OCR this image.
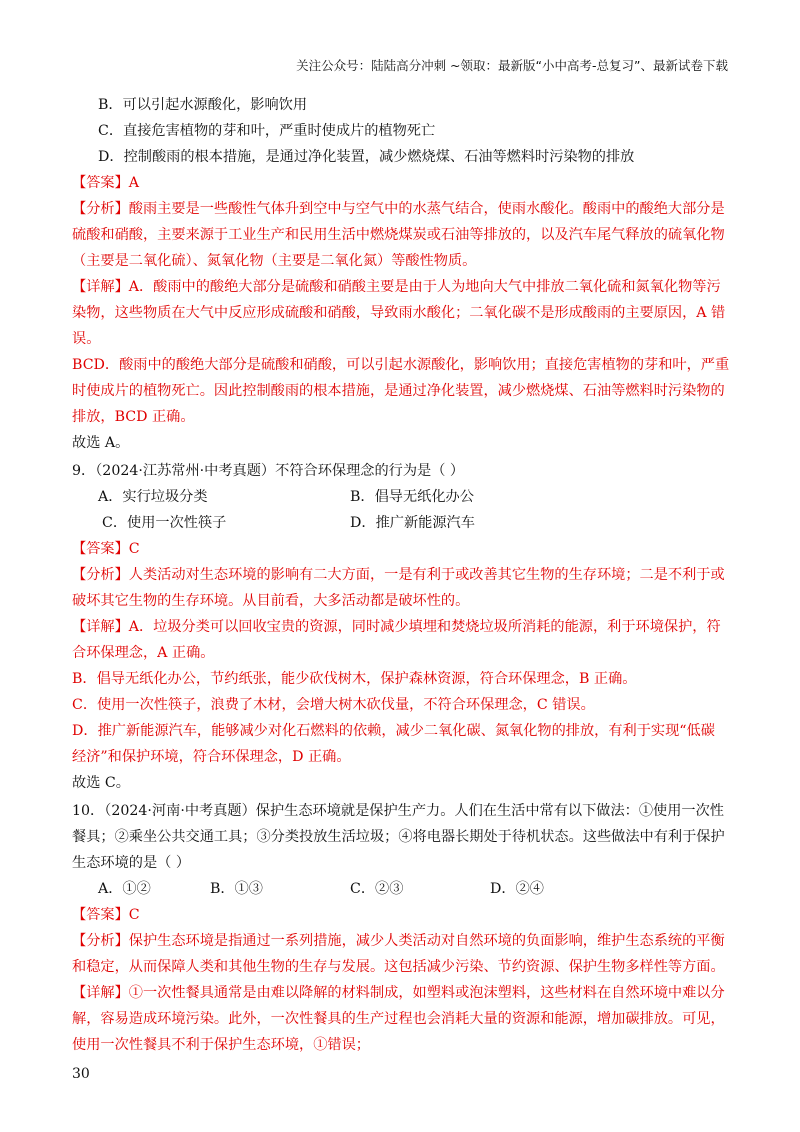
关注公众号：陆陆高分冲刺 ~领取：最新版“小中高考-总复习”、最新试卷下载
B．可以引起水源酸化，影响饮用
C．直接危害植物的芽和叶，严重时使成片的植物死亡
D．控制酸雨的根本措施，是通过净化装置，减少燃烧煤、石油等燃料时污染物的排放
【答案】A
【分析】酸雨主要是一些酸性气体升到空中与空气中的水蒸气结合，使雨水酸化。酸雨中的酸绝大部分是
硫酸和硝酸，主要来源于工业生产和民用生活中燃烧煤炭或石油等排放的，以及汽车尾气释放的硫氧化物
（主要是二氧化硫）、氮氧化物（主要是二氧化氮）等酸性物质。
【详解】A．酸雨中的酸绝大部分是硫酸和硝酸主要是由于人为地向大气中排放二氧化硫和氮氧化物等污
染物，这些物质在大气中反应形成硫酸和硝酸，导致雨水酸化；二氧化碳不是形成酸雨的主要原因，A 错
误。
BCD．酸雨中的酸绝大部分是硫酸和硝酸，可以引起水源酸化，影响饮用；直接危害植物的芽和叶，严重
时使成片的植物死亡。因此控制酸雨的根本措施，是通过净化装置，减少燃烧煤、石油等燃料时污染物的
排放，BCD 正确。
故选 A。
9．（2024·江苏常州·中考真题）• • • 不符合环保理念的行为是（ ）
A．实行垃圾分类	B．倡导无纸化办公
C．使用一次性筷子	D．推广新能源汽车
【答案】C
【分析】人类活动对生态环境的影响有二大方面，一是有利于或改善其它生物的生存环境；二是不利于或
破坏其它生物的生存环境。从目前看，大多活动都是破坏性的。
【详解】A．垃圾分类可以回收宝贵的资源，同时减少填埋和焚烧垃圾所消耗的能源，利于环境保护，符
合环保理念，A 正确。
B．倡导无纸化办公，节约纸张，能少砍伐树木，保护森林资源，符合环保理念，B 正确。
C．使用一次性筷子，浪费了木材，会增大树木砍伐量，不符合环保理念，C 错误。
D．推广新能源汽车，能够减少对化石燃料的依赖，减少二氧化碳、氮氧化物的排放，有利于实现“低碳
经济”和保护环境，符合环保理念，D 正确。
故选 C。
10．（2024·河南·中考真题）保护生态环境就是保护生产力。人们在生活中常有以下做法：①使用一次性
餐具；②乘坐公共交通工具；③分类投放生活垃圾；④将电器长期处于待机状态。这些做法中有利于保护
生态环境的是（ ）
A．①②	B．①③	C．②③	D．②④
【答案】C
【分析】保护生态环境是指通过一系列措施，减少人类活动对自然环境的负面影响，维护生态系统的平衡
和稳定，从而保障人类和其他生物的生存与发展。这包括减少污染、节约资源、保护生物多样性等方面。
【详解】①一次性餐具通常是由难以降解的材料制成，如塑料或泡沫塑料，这些材料在自然环境中难以分
解，容易造成环境污染。此外，一次性餐具的生产过程也会消耗大量的资源和能源，增加碳排放。可见，
使用一次性餐具不利于保护生态环境，①错误；
30
